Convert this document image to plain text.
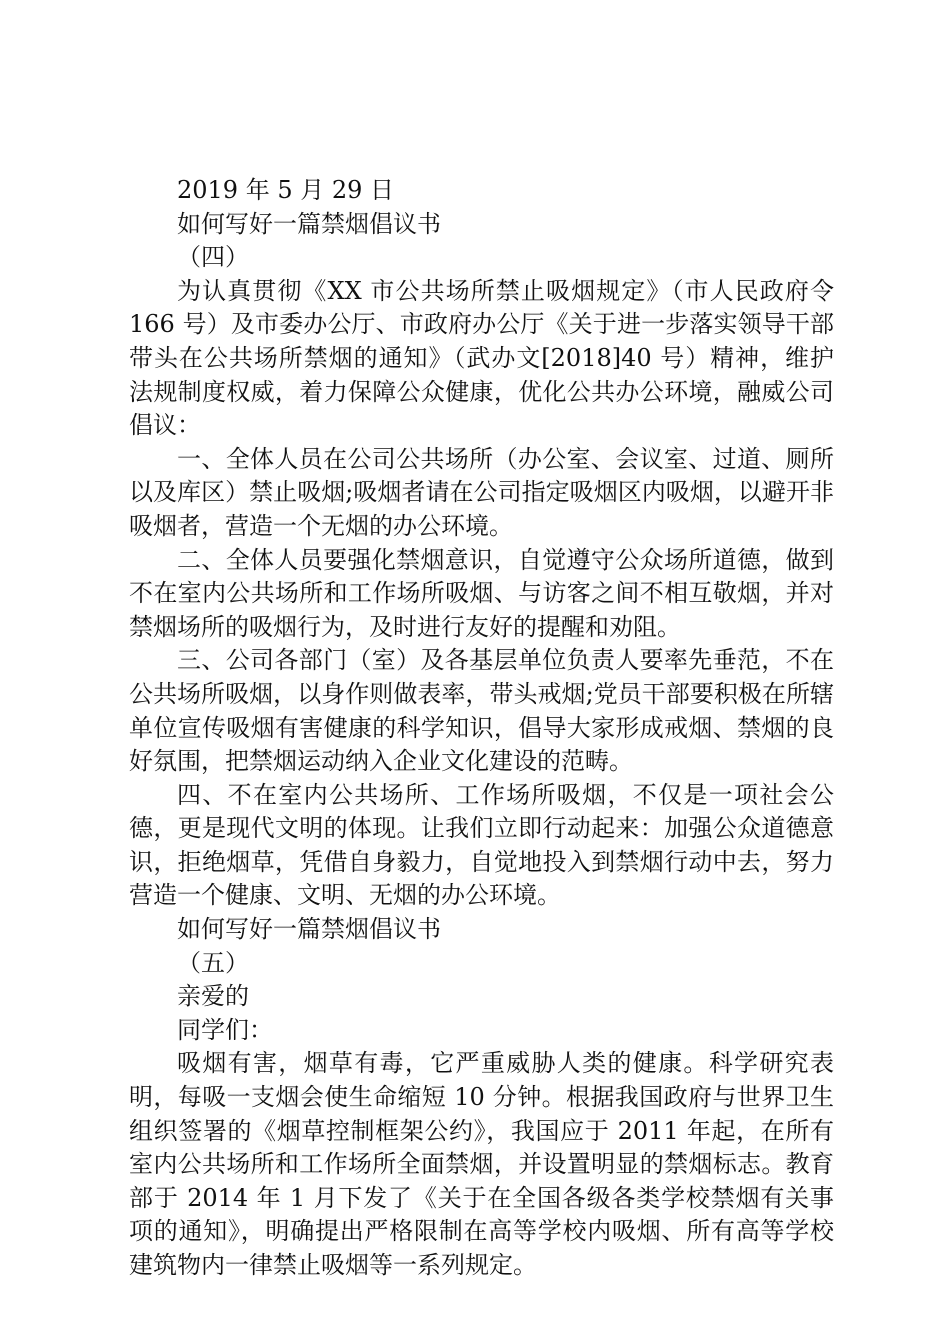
2019 年 5 月 29 日

如何写好一篇禁烟倡议书

（四）

为认真贯彻《XX 市公共场所禁止吸烟规定》（市人民政府令 166 号）及市委办公厅、市政府办公厅《关于进一步落实领导干部带头在公共场所禁烟的通知》（武办文[2018]40 号）精神，维护法规制度权威，着力保障公众健康，优化公共办公环境，融威公司倡议：

一、全体人员在公司公共场所（办公室、会议室、过道、厕所以及库区）禁止吸烟;吸烟者请在公司指定吸烟区内吸烟，以避开非吸烟者，营造一个无烟的办公环境。

二、全体人员要强化禁烟意识，自觉遵守公众场所道德，做到不在室内公共场所和工作场所吸烟、与访客之间不相互敬烟，并对禁烟场所的吸烟行为，及时进行友好的提醒和劝阻。

三、公司各部门（室）及各基层单位负责人要率先垂范，不在公共场所吸烟，以身作则做表率，带头戒烟;党员干部要积极在所辖单位宣传吸烟有害健康的科学知识，倡导大家形成戒烟、禁烟的良好氛围，把禁烟运动纳入企业文化建设的范畴。

四、不在室内公共场所、工作场所吸烟，不仅是一项社会公德，更是现代文明的体现。让我们立即行动起来：加强公众道德意识，拒绝烟草，凭借自身毅力，自觉地投入到禁烟行动中去，努力营造一个健康、文明、无烟的办公环境。

如何写好一篇禁烟倡议书

（五）

亲爱的

同学们：

吸烟有害，烟草有毒，它严重威胁人类的健康。科学研究表明，每吸一支烟会使生命缩短 10 分钟。根据我国政府与世界卫生组织签署的《烟草控制框架公约》，我国应于 2011 年起，在所有室内公共场所和工作场所全面禁烟，并设置明显的禁烟标志。教育部于 2014 年 1 月下发了《关于在全国各级各类学校禁烟有关事项的通知》，明确提出严格限制在高等学校内吸烟、所有高等学校建筑物内一律禁止吸烟等一系列规定。
